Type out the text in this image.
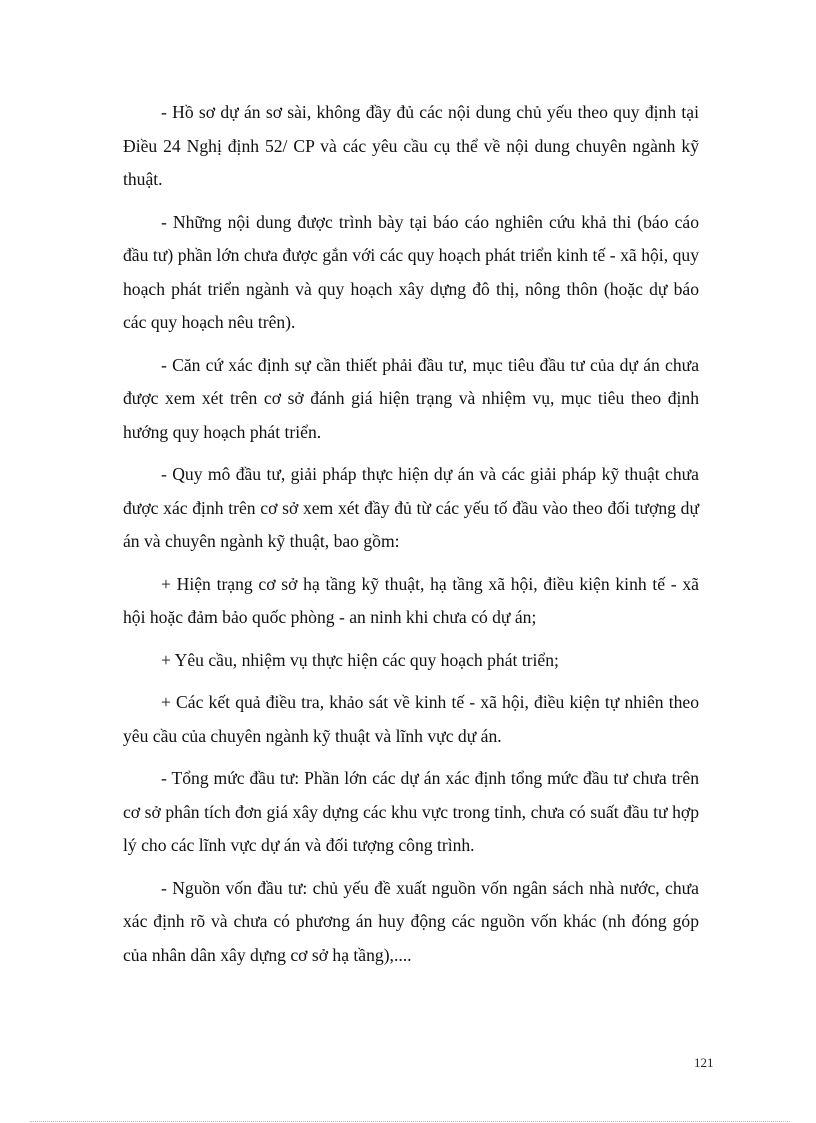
- Hồ sơ dự án sơ sài, không đầy đủ các nội dung chủ yếu theo quy định tại Điều 24 Nghị định 52/ CP và các yêu cầu cụ thể về nội dung chuyên ngành kỹ thuật.

- Những nội dung được trình bày tại báo cáo nghiên cứu khả thi (báo cáo đầu tư) phần lớn chưa được gắn với các quy hoạch phát triển kinh tế - xã hội, quy hoạch phát triển ngành và quy hoạch xây dựng đô thị, nông thôn (hoặc dự báo các quy hoạch nêu trên).

- Căn cứ xác định sự cần thiết phải đầu tư, mục tiêu đầu tư của dự án chưa được xem xét trên cơ sở đánh giá hiện trạng và nhiệm vụ, mục tiêu theo định hướng quy hoạch phát triển.

- Quy mô đầu tư, giải pháp thực hiện dự án và các giải pháp kỹ thuật chưa được xác định trên cơ sở xem xét đầy đủ từ các yếu tố đầu vào theo đối tượng dự án và chuyên ngành kỹ thuật, bao gồm:

+ Hiện trạng cơ sở hạ tầng kỹ thuật, hạ tầng xã hội, điều kiện kinh tế - xã hội hoặc đảm bảo quốc phòng - an ninh khi chưa có dự án;

+ Yêu cầu, nhiệm vụ thực hiện các quy hoạch phát triển;

+ Các kết quả điều tra, khảo sát về kinh tế - xã hội, điều kiện tự nhiên theo yêu cầu của chuyên ngành kỹ thuật và lĩnh vực dự án.

- Tổng mức đầu tư: Phần lớn các dự án xác định tổng mức đầu tư chưa trên cơ sở phân tích đơn giá xây dựng các khu vực trong tỉnh, chưa có suất đầu tư hợp lý cho các lĩnh vực dự án và đối tượng công trình.

- Nguồn vốn đầu tư: chủ yếu đề xuất nguồn vốn ngân sách nhà nước, chưa xác định rõ và chưa có phương án huy động các nguồn vốn khác (nh đóng góp của nhân dân xây dựng cơ sở hạ tầng),....

121
